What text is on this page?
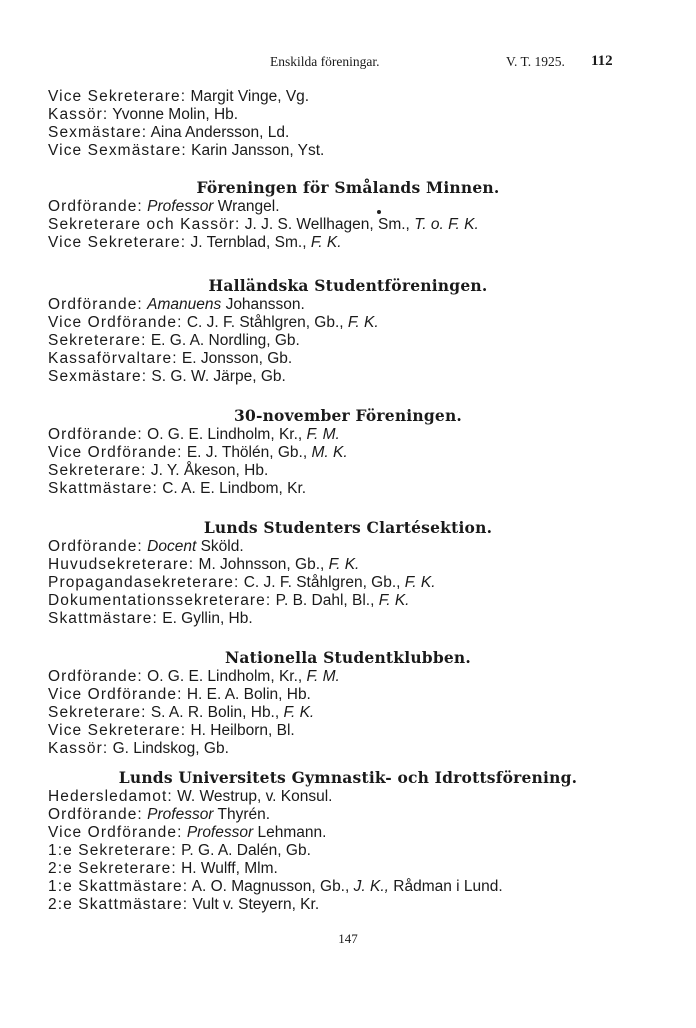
Enskilda föreningar.	V. T. 1925. 112
Vice Sekreterare: Margit Vinge, Vg.
Kassör: Yvonne Molin, Hb.
Sexmästare: Aina Andersson, Ld.
Vice Sexmästare: Karin Jansson, Yst.
Föreningen för Smålands Minnen.
Ordförande: Professor Wrangel.
Sekreterare och Kassör: J. J. S. Wellhagen, Sm., T. o. F. K.
Vice Sekreterare: J. Ternblad, Sm., F. K.
Halländska Studentföreningen.
Ordförande: Amanuens Johansson.
Vice Ordförande: C. J. F. Ståhlgren, Gb., F. K.
Sekreterare: E. G. A. Nordling, Gb.
Kassaförvaltare: E. Jonsson, Gb.
Sexmästare: S. G. W. Järpe, Gb.
30-november Föreningen.
Ordförande: O. G. E. Lindholm, Kr., F. M.
Vice Ordförande: E. J. Thölén, Gb., M. K.
Sekreterare: J. Y. Åkeson, Hb.
Skattmästare: C. A. E. Lindbom, Kr.
Lunds Studenters Clartésektion.
Ordförande: Docent Sköld.
Huvudsekreterare: M. Johnsson, Gb., F. K.
Propagandasekreterare: C. J. F. Ståhlgren, Gb., F. K.
Dokumentationssekreterare: P. B. Dahl, Bl., F. K.
Skattmästare: E. Gyllin, Hb.
Nationella Studentklubben.
Ordförande: O. G. E. Lindholm, Kr., F. M.
Vice Ordförande: H. E. A. Bolin, Hb.
Sekreterare: S. A. R. Bolin, Hb., F. K.
Vice Sekreterare: H. Heilborn, Bl.
Kassör: G. Lindskog, Gb.
Lunds Universitets Gymnastik- och Idrottsförening.
Hedersledamot: W. Westrup, v. Konsul.
Ordförande: Professor Thyrén.
Vice Ordförande: Professor Lehmann.
1:e Sekreterare: P. G. A. Dalén, Gb.
2:e Sekreterare: H. Wulff, Mlm.
1:e Skattmästare: A. O. Magnusson, Gb., J. K., Rådman i Lund.
2:e Skattmästare: Vult v. Steyern, Kr.
147
